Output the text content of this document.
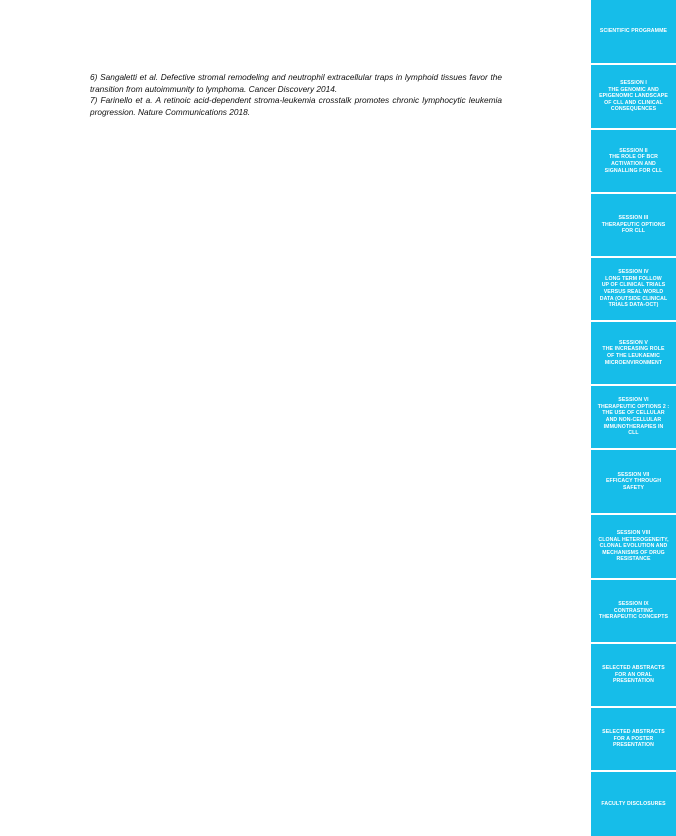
6) Sangaletti et al. Defective stromal remodeling and neutrophil extracellular traps in lymphoid tissues favor the transition from autoimmunity to lymphoma. Cancer Discovery 2014.

7) Farinello et a. A retinoic acid-dependent stroma-leukemia crosstalk promotes chronic lymphocytic leukemia progression. Nature Communications 2018.

SCIENTIFIC PROGRAMME
SESSION I
THE GENOMIC AND
EPIGENOMIC LANDSCAPE
OF CLL AND CLINICAL
CONSEQUENCES
SESSION II
THE ROLE OF BCR
ACTIVATION AND
SIGNALLING FOR CLL
SESSION III
THERAPEUTIC OPTIONS
FOR CLL
SESSION IV
LONG TERM FOLLOW
UP OF CLINICAL TRIALS
VERSUS REAL WORLD
DATA (OUTSIDE CLINICAL
TRIALS DATA-OCT)
SESSION V
THE INCREASING ROLE
OF THE LEUKAEMIC
MICROENVIRONMENT
SESSION VI
THERAPEUTIC OPTIONS 2 :
THE USE OF CELLULAR
AND NON-CELLULAR
IMMUNOTHERAPIES IN
CLL
SESSION VII
EFFICACY THROUGH
SAFETY
SESSION VIII
CLONAL HETEROGENEITY,
CLONAL EVOLUTION AND
MECHANISMS OF DRUG
RESISTANCE
SESSION IX
CONTRASTING
THERAPEUTIC CONCEPTS
SELECTED ABSTRACTS
FOR AN ORAL
PRESENTATION
SELECTED ABSTRACTS
FOR A POSTER
PRESENTATION
FACULTY DISCLOSURES
